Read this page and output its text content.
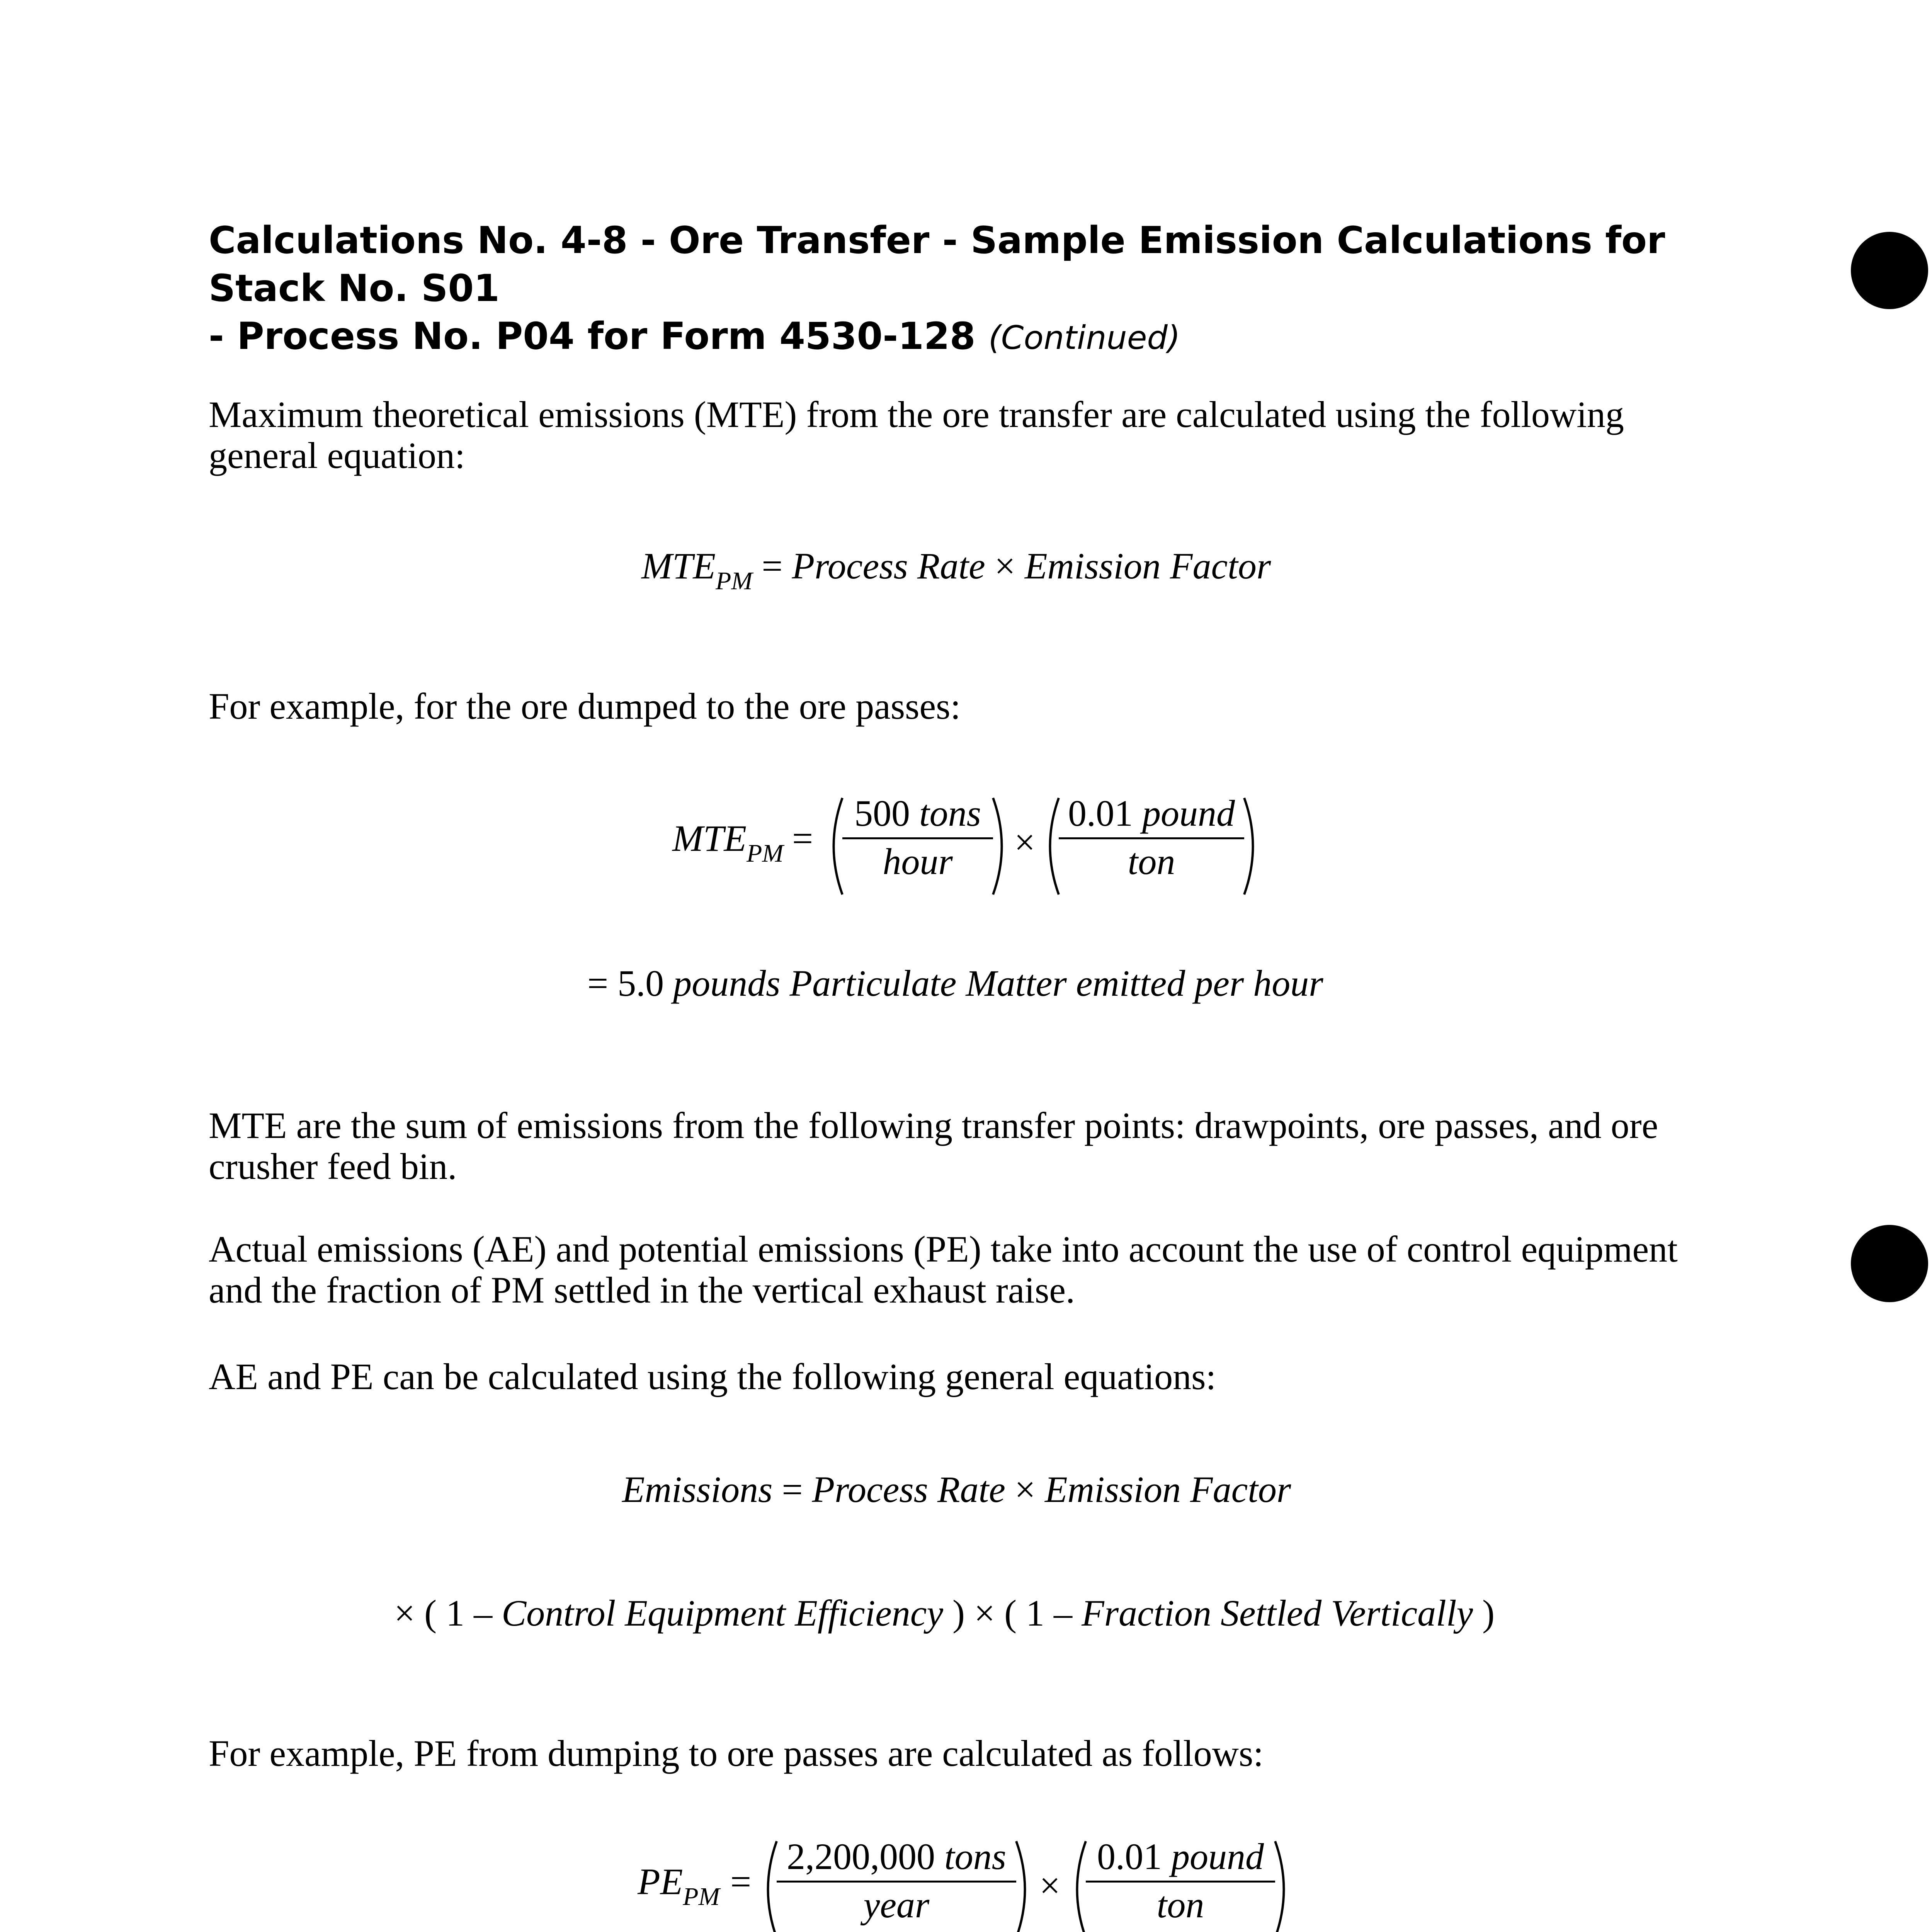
Calculations No. 4-8 - Ore Transfer - Sample Emission Calculations for Stack No. S01
- Process No. P04 for Form 4530-128 (Continued)
Maximum theoretical emissions (MTE) from the ore transfer are calculated using the following general equation:
$MTE_{PM}$ = Process Rate × Emission Factor
For example, for the ore dumped to the ore passes:
$MTE_{PM}$ =
500 tons
hour	×
0.01 pound
ton
= 5.0 pounds Particulate Matter emitted per hour
MTE are the sum of emissions from the following transfer points: drawpoints, ore passes, and ore crusher feed bin.
Actual emissions (AE) and potential emissions (PE) take into account the use of control equipment and the fraction of PM settled in the vertical exhaust raise.
AE and PE can be calculated using the following general equations:
Emissions = Process Rate × Emission Factor
× ( 1 – Control Equipment Efficiency ) × ( 1 – Fraction Settled Vertically )
For example, PE from dumping to ore passes are calculated as follows:
$PE_{PM}$ =
2,200,000 tons
year	×
0.01 pound
ton
